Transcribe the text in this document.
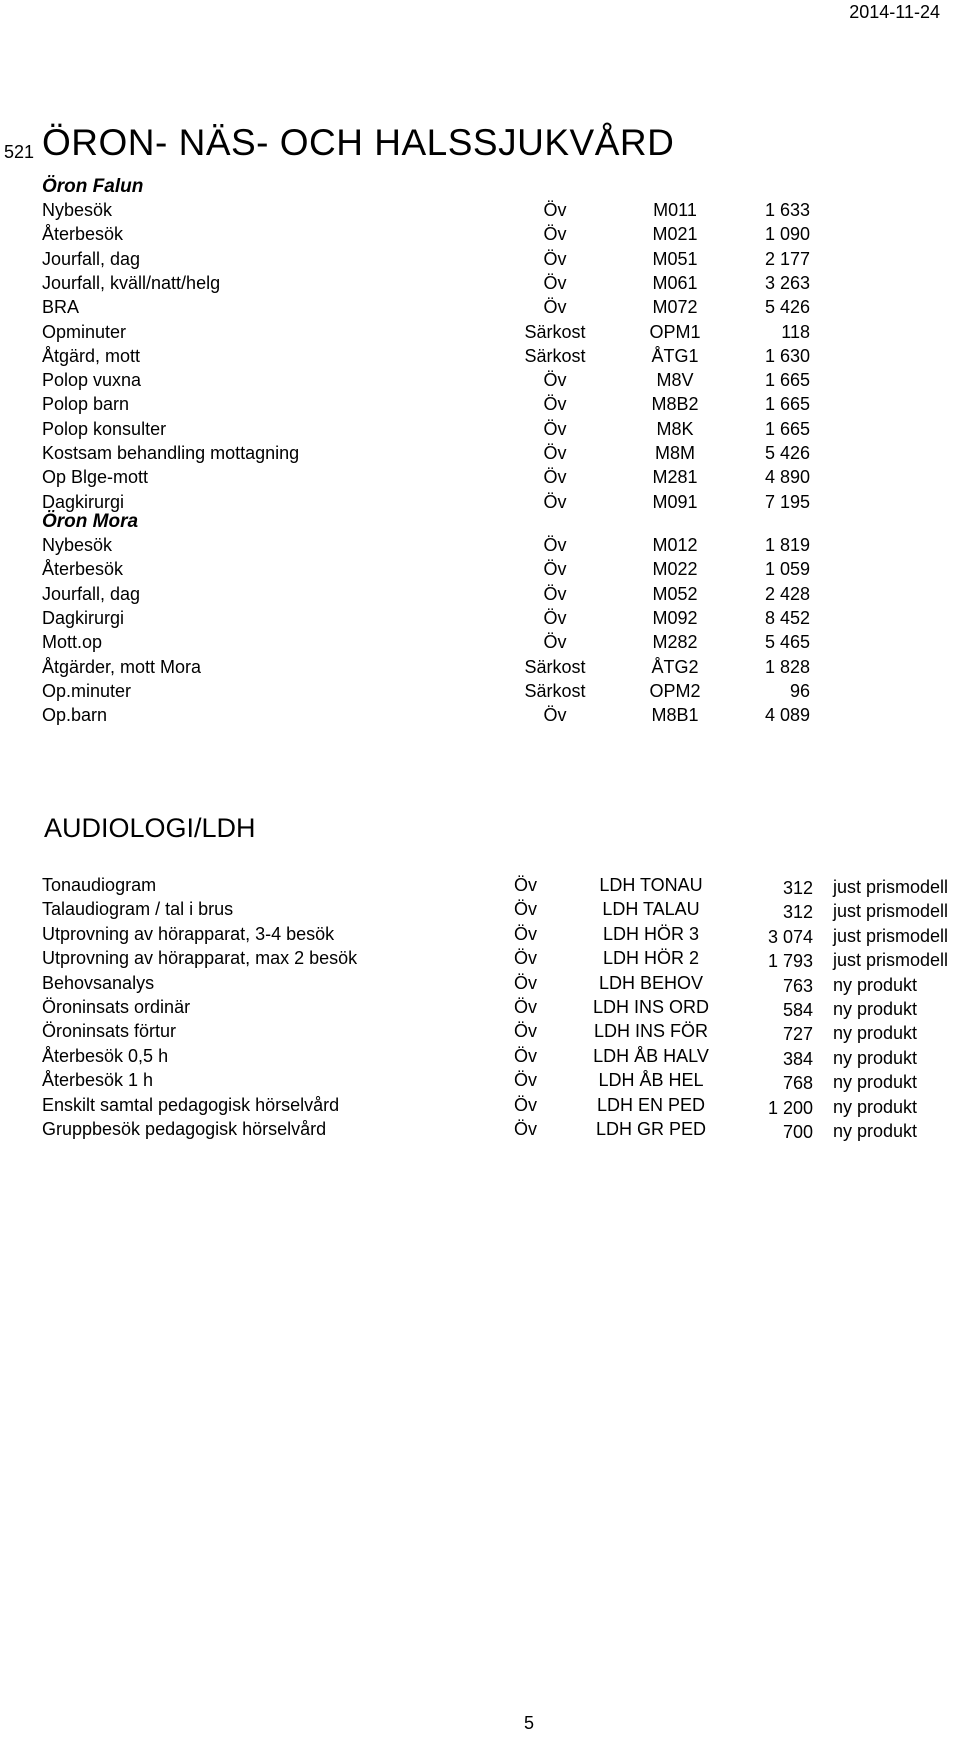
2014-11-24
521 ÖRON- NÄS- OCH HALSSJUKVÅRD
Öron Falun
Nybesök	Öv	M011	1 633
Återbesök	Öv	M021	1 090
Jourfall, dag	Öv	M051	2 177
Jourfall, kväll/natt/helg	Öv	M061	3 263
BRA	Öv	M072	5 426
Opminuter	Särkost	OPM1	118
Åtgärd, mott	Särkost	ÅTG1	1 630
Polop vuxna	Öv	M8V	1 665
Polop barn	Öv	M8B2	1 665
Polop konsulter	Öv	M8K	1 665
Kostsam behandling mottagning	Öv	M8M	5 426
Op Blge-mott	Öv	M281	4 890
Dagkirurgi	Öv	M091	7 195
Öron Mora
Nybesök	Öv	M012	1 819
Återbesök	Öv	M022	1 059
Jourfall, dag	Öv	M052	2 428
Dagkirurgi	Öv	M092	8 452
Mott.op	Öv	M282	5 465
Åtgärder, mott Mora	Särkost	ÅTG2	1 828
Op.minuter	Särkost	OPM2	96
Op.barn	Öv	M8B1	4 089
AUDIOLOGI/LDH
Tonaudiogram	Öv	LDH TONAU	312 just prismodell
Talaudiogram / tal i brus	Öv	LDH TALAU	312 just prismodell
Utprovning av hörapparat, 3-4 besök	Öv	LDH HÖR 3	3 074 just prismodell
Utprovning av hörapparat, max 2 besök	Öv	LDH HÖR 2	1 793 just prismodell
Behovsanalys	Öv	LDH BEHOV	763 ny produkt
Öroninsats ordinär	Öv	LDH INS ORD	584 ny produkt
Öroninsats förtur	Öv	LDH INS FÖR	727 ny produkt
Återbesök 0,5 h	Öv	LDH ÅB HALV	384 ny produkt
Återbesök 1 h	Öv	LDH ÅB HEL	768 ny produkt
Enskilt samtal pedagogisk hörselvård	Öv	LDH EN PED	1 200 ny produkt
Gruppbesök pedagogisk hörselvård	Öv	LDH GR PED	700 ny produkt
5
